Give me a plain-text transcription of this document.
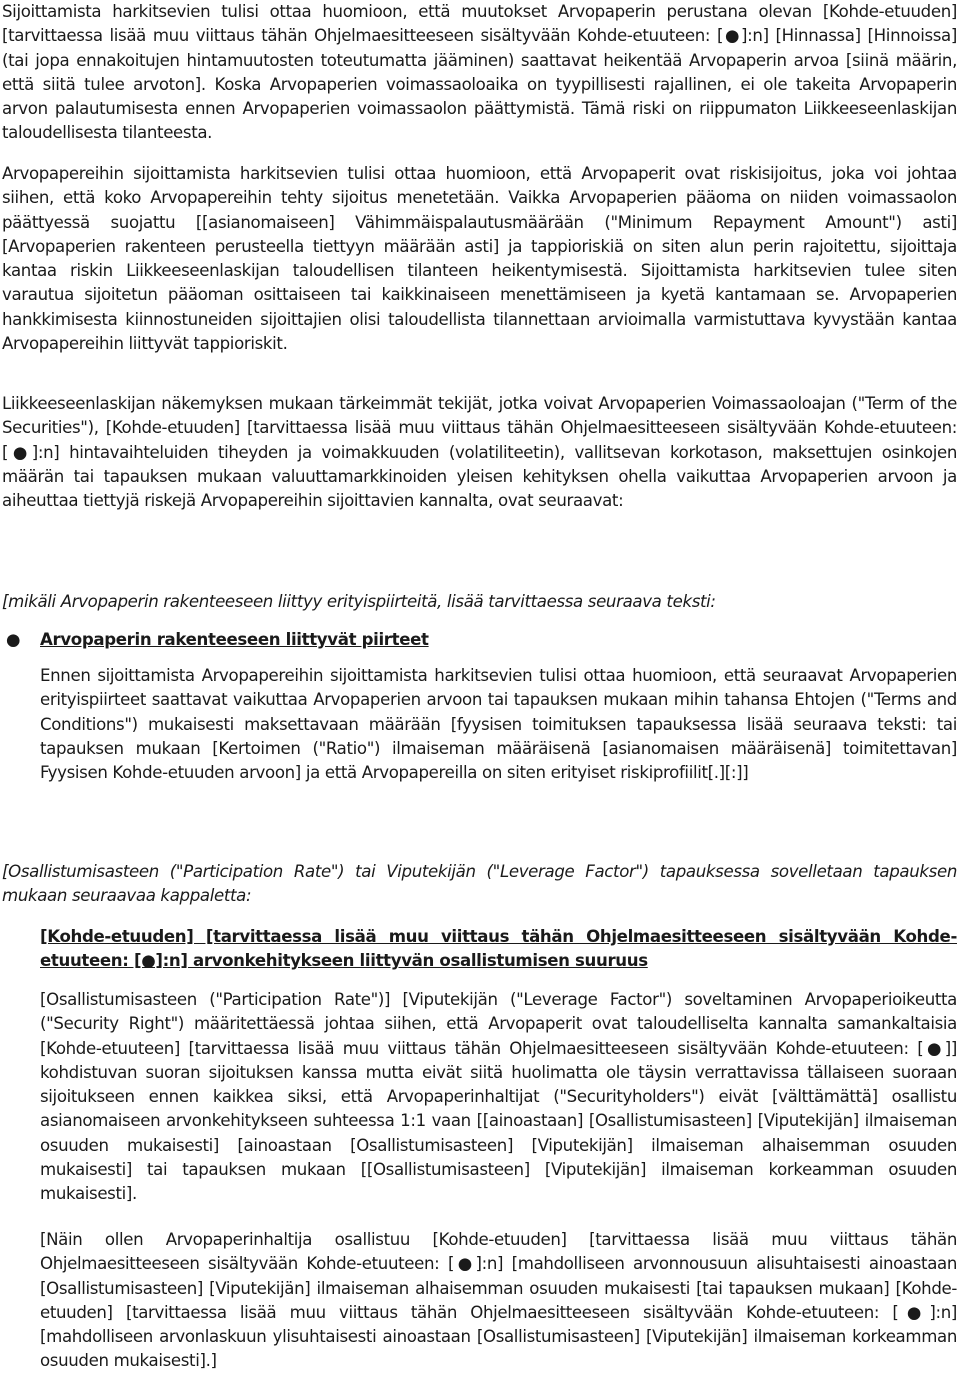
Sijoittamista harkitsevien tulisi ottaa huomioon, että muutokset Arvopaperin perustana olevan [Kohde-etuuden] [tarvittaessa lisää muu viittaus tähän Ohjelmaesitteeseen sisältyvään Kohde-etuuteen: [●]:n] [Hinnassa] [Hinnoissa] (tai jopa ennakoitujen hintamuutosten toteutumatta jääminen) saattavat heikentää Arvopaperin arvoa [siinä määrin, että siitä tulee arvoton]. Koska Arvopaperien voimassaoloaika on tyypillisesti rajallinen, ei ole takeita Arvopaperin arvon palautumisesta ennen Arvopaperien voimassaolon päättymistä. Tämä riski on riippumaton Liikkeeseenlaskijan taloudellisesta tilanteesta.

Arvopapereihin sijoittamista harkitsevien tulisi ottaa huomioon, että Arvopaperit ovat riskisijoitus, joka voi johtaa siihen, että koko Arvopapereihin tehty sijoitus menetetään. Vaikka Arvopaperien pääoma on niiden voimassaolon päättyessä suojattu [[asianomaiseen] Vähimmäispalautusmäärään ("Minimum Repayment Amount") asti] [Arvopaperien rakenteen perusteella tiettyyn määrään asti] ja tappioriskiä on siten alun perin rajoitettu, sijoittaja kantaa riskin Liikkeeseenlaskijan taloudellisen tilanteen heikentymisestä. Sijoittamista harkitsevien tulee siten varautua sijoitetun pääoman osittaiseen tai kaikkinaiseen menettämiseen ja kyetä kantamaan se. Arvopaperien hankkimisesta kiinnostuneiden sijoittajien olisi taloudellista tilannettaan arvioimalla varmistuttava kyvystään kantaa Arvopapereihin liittyvät tappioriskit.

Liikkeeseenlaskijan näkemyksen mukaan tärkeimmät tekijät, jotka voivat Arvopaperien Voimassaoloajan ("Term of the Securities"), [Kohde-etuuden] [tarvittaessa lisää muu viittaus tähän Ohjelmaesitteeseen sisältyvään Kohde-etuuteen: [●]:n] hintavaihteluiden tiheyden ja voimakkuuden (volatiliteetin), vallitsevan korkotason, maksettujen osinkojen määrän tai tapauksen mukaan valuuttamarkkinoiden yleisen kehityksen ohella vaikuttaa Arvopaperien arvoon ja aiheuttaa tiettyjä riskejä Arvopapereihin sijoittavien kannalta, ovat seuraavat:

[mikäli Arvopaperin rakenteeseen liittyy erityispiirteitä, lisää tarvittaessa seuraava teksti:

● Arvopaperin rakenteeseen liittyvät piirteet

Ennen sijoittamista Arvopapereihin sijoittamista harkitsevien tulisi ottaa huomioon, että seuraavat Arvopaperien erityispiirteet saattavat vaikuttaa Arvopaperien arvoon tai tapauksen mukaan mihin tahansa Ehtojen ("Terms and Conditions") mukaisesti maksettavaan määrään [fyysisen toimituksen tapauksessa lisää seuraava teksti: tai tapauksen mukaan [Kertoimen ("Ratio") ilmaiseman määräisenä [asianomaisen määräisenä] toimitettavan] Fyysisen Kohde-etuuden arvoon] ja että Arvopapereilla on siten erityiset riskiprofiilit[.][:]]

[Osallistumisasteen ("Participation Rate") tai Viputekijän ("Leverage Factor") tapauksessa sovelletaan tapauksen mukaan seuraavaa kappaletta:

[Kohde-etuuden] [tarvittaessa lisää muu viittaus tähän Ohjelmaesitteeseen sisältyvään Kohde-etuuteen: [●]:n] arvonkehitykseen liittyvän osallistumisen suuruus

[Osallistumisasteen ("Participation Rate")] [Viputekijän ("Leverage Factor") soveltaminen Arvopaperioikeutta ("Security Right") määritettäessä johtaa siihen, että Arvopaperit ovat taloudelliselta kannalta samankaltaisia [Kohde-etuuteen] [tarvittaessa lisää muu viittaus tähän Ohjelmaesitteeseen sisältyvään Kohde-etuuteen: [●]] kohdistuvan suoran sijoituksen kanssa mutta eivät siitä huolimatta ole täysin verrattavissa tällaiseen suoraan sijoitukseen ennen kaikkea siksi, että Arvopaperinhaltijat ("Securityholders") eivät [välttämättä] osallistu asianomaiseen arvonkehitykseen suhteessa 1:1 vaan [[ainoastaan] [Osallistumisasteen] [Viputekijän] ilmaiseman osuuden mukaisesti] [ainoastaan [Osallistumisasteen] [Viputekijän] ilmaiseman alhaisemman osuuden mukaisesti] tai tapauksen mukaan [[Osallistumisasteen] [Viputekijän] ilmaiseman korkeamman osuuden mukaisesti].

[Näin ollen Arvopaperinhaltija osallistuu [Kohde-etuuden] [tarvittaessa lisää muu viittaus tähän Ohjelmaesitteeseen sisältyvään Kohde-etuuteen: [●]:n] [mahdolliseen arvonnousuun alisuhtaisesti ainoastaan [Osallistumisasteen] [Viputekijän] ilmaiseman alhaisemman osuuden mukaisesti [tai tapauksen mukaan] [Kohde-etuuden] [tarvittaessa lisää muu viittaus tähän Ohjelmaesitteeseen sisältyvään Kohde-etuuteen: [●]:n] [mahdolliseen arvonlaskuun ylisuhtaisesti ainoastaan [Osallistumisasteen] [Viputekijän] ilmaiseman korkeamman osuuden mukaisesti].]
